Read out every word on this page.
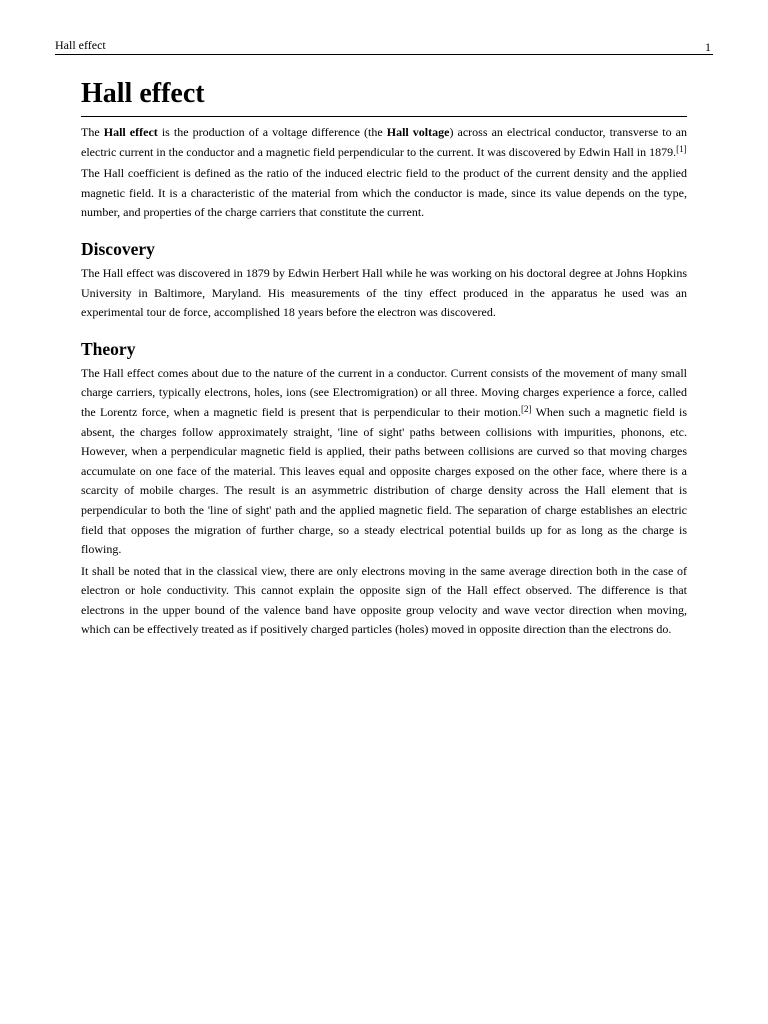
Hall effect	1
Hall effect

The Hall effect is the production of a voltage difference (the Hall voltage) across an electrical conductor, transverse to an electric current in the conductor and a magnetic field perpendicular to the current. It was discovered by Edwin Hall in 1879.[1]

The Hall coefficient is defined as the ratio of the induced electric field to the product of the current density and the applied magnetic field. It is a characteristic of the material from which the conductor is made, since its value depends on the type, number, and properties of the charge carriers that constitute the current.

Discovery

The Hall effect was discovered in 1879 by Edwin Herbert Hall while he was working on his doctoral degree at Johns Hopkins University in Baltimore, Maryland. His measurements of the tiny effect produced in the apparatus he used was an experimental tour de force, accomplished 18 years before the electron was discovered.

Theory

The Hall effect comes about due to the nature of the current in a conductor. Current consists of the movement of many small charge carriers, typically electrons, holes, ions (see Electromigration) or all three. Moving charges experience a force, called the Lorentz force, when a magnetic field is present that is perpendicular to their motion.[2] When such a magnetic field is absent, the charges follow approximately straight, 'line of sight' paths between collisions with impurities, phonons, etc. However, when a perpendicular magnetic field is applied, their paths between collisions are curved so that moving charges accumulate on one face of the material. This leaves equal and opposite charges exposed on the other face, where there is a scarcity of mobile charges. The result is an asymmetric distribution of charge density across the Hall element that is perpendicular to both the 'line of sight' path and the applied magnetic field. The separation of charge establishes an electric field that opposes the migration of further charge, so a steady electrical potential builds up for as long as the charge is flowing.

It shall be noted that in the classical view, there are only electrons moving in the same average direction both in the case of electron or hole conductivity. This cannot explain the opposite sign of the Hall effect observed. The difference is that electrons in the upper bound of the valence band have opposite group velocity and wave vector direction when moving, which can be effectively treated as if positively charged particles (holes) moved in opposite direction than the electrons do.
